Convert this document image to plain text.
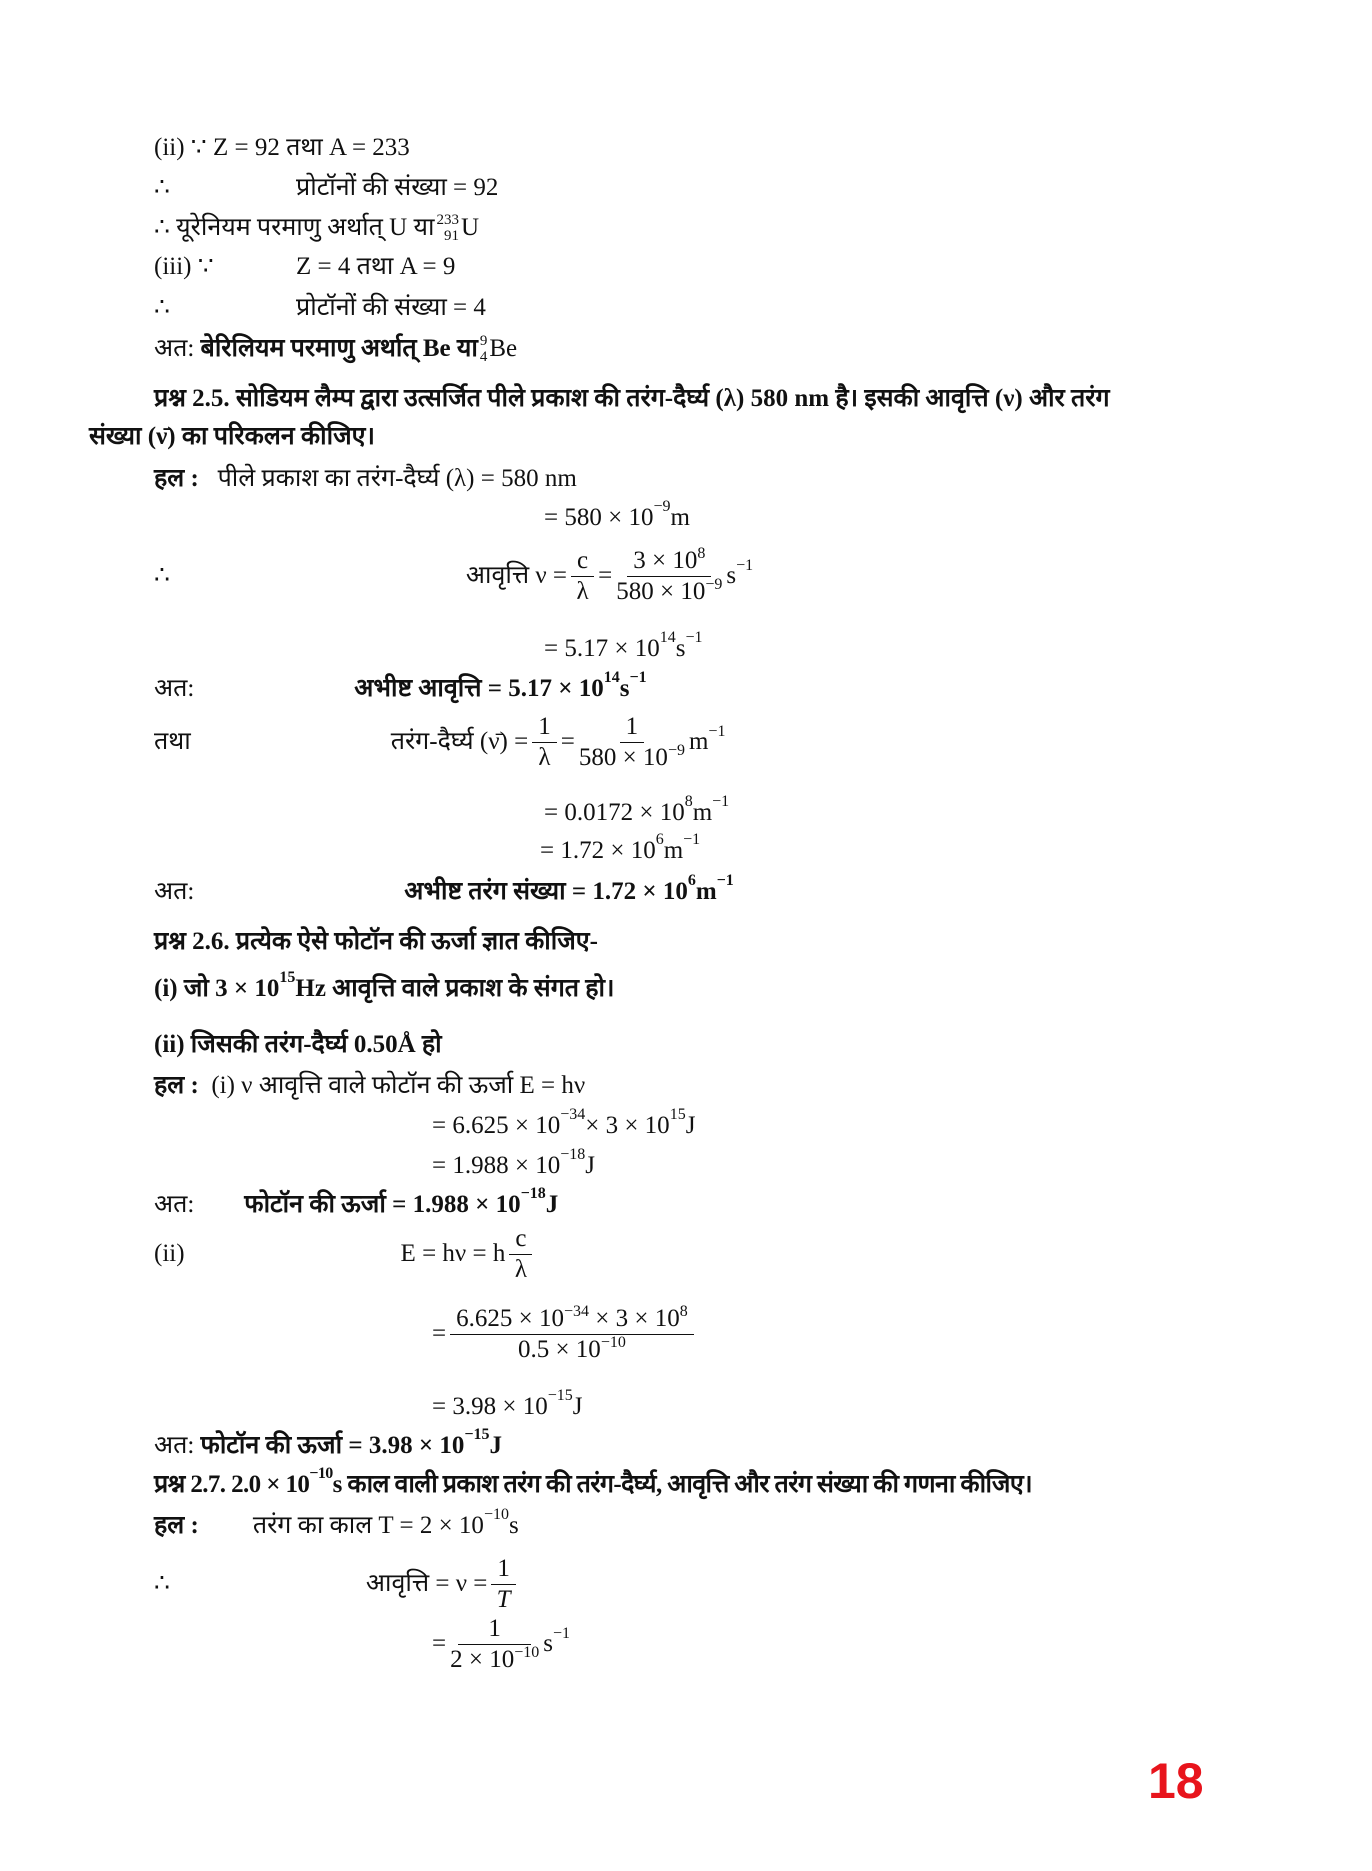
(ii) ∵ Z = 92 तथा A = 233
∴	प्रोटॉनों की संख्या = 92
∴ यूरेनियम परमाणु अर्थात् U या 233
91 U
(iii) ∵	Z = 4 तथा A = 9
∴	प्रोटॉनों की संख्या = 4
अत:
बेरिलियम परमाणु अर्थात् Be या 9
4 Be
प्रश्न 2.5. सोडियम लैम्प द्वारा उत्सर्जित पीले प्रकाश की तरंग-दैर्घ्य (λ) 580 nm है। इसकी आवृत्ति (ν) और तरंग
संख्या (ν̄) का परिकलन कीजिए।
हल :
पीले प्रकाश का तरंग-दैर्घ्य (λ) = 580 nm
= $580 \times 10^{-9}$ m
∴	आवृत्ति $\nu = \frac{c}{\lambda} = \frac{3 \times 10^8}{580 \times 10^{-9}} s^{-1}$
= $5.17 \times 10^{14}$ $s^{-1}$
अत:	अभीष्ट आवृत्ति = $5.17 \times 10^{14}$ $s^{-1}$
तथा	तरंग-दैर्घ्य (ν̄) = $\frac{1}{\lambda} = \frac{1}{580 \times 10^{-9}} m^{-1}$
= $0.0172 \times 10^8$ $m^{-1}$
= $1.72 \times 10^6$ $m^{-1}$
अत:	अभीष्ट तरंग संख्या = $1.72 \times 10^6$ $m^{-1}$
प्रश्न 2.6. प्रत्येक ऐसे फोटॉन की ऊर्जा ज्ञात कीजिए-
(i) जो $3 \times 10^{15}$ Hz आवृत्ति वाले प्रकाश के संगत हो।
(ii) जिसकी तरंग-दैर्घ्य 0.50Å हो
हल :
(i) ν आवृत्ति वाले फोटॉन की ऊर्जा E = hν
= $6.625 \times 10^{-34} \times 3 \times 10^{15}$ J
= $1.988 \times 10^{-18}$ J
अत: फोटॉन की ऊर्जा
= $1.988 \times 10^{-18}$ J
(ii)	E = hν = h $\frac{c}{\lambda}$
= $\frac{6.625 \times 10^{-34} \times 3 \times 10^8}{0.5 \times 10^{-10}}$
= $3.98 \times 10^{-15}$ J
अत:
फोटॉन की ऊर्जा
= $3.98 \times 10^{-15}$ J
प्रश्न 2.7. $2.0 \times 10^{-10}$ s काल वाली प्रकाश तरंग की तरंग-दैर्घ्य, आवृत्ति और तरंग संख्या की गणना कीजिए।
हल : तरंग का काल $T = 2 \times 10^{-10}$ s
∴	आवृत्ति = $\nu = \frac{1}{T}$
= $\frac{1}{2 \times 10^{-10}} s^{-1}$
18
